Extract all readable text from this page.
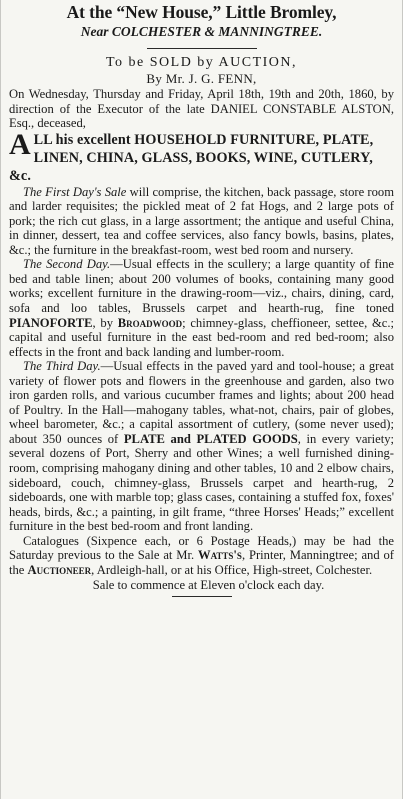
At the “New House,” Little Bromley,
Near COLCHESTER & MANNINGTREE.
To be SOLD by AUCTION,
By Mr. J. G. FENN,

On Wednesday, Thursday and Friday, April 18th, 19th and 20th, 1860, by direction of the Executor of the late DANIEL CONSTABLE ALSTON, Esq., deceased,

A LL his excellent HOUSEHOLD FURNITURE, PLATE, LINEN, CHINA, GLASS, BOOKS, WINE, CUTLERY, &c.

The First Day's Sale will comprise, the kitchen, back passage, store room and larder requisites; the pickled meat of 2 fat Hogs, and 2 large pots of pork; the rich cut glass, in a large assortment; the antique and useful China, in dinner, dessert, tea and coffee services, also fancy bowls, basins, plates, &c.; the furniture in the breakfast-room, west bed room and nursery.

The Second Day.—Usual effects in the scullery; a large quantity of fine bed and table linen; about 200 volumes of books, containing many good works; excellent furniture in the drawing-room—viz., chairs, dining, card, sofa and loo tables, Brussels carpet and hearth-rug, fine toned PIANOFORTE, by Broadwood; chimney-glass, cheffioneer, settee, &c.; capital and useful furniture in the east bed-room and red bed-room; also effects in the front and back landing and lumber-room.

The Third Day.—Usual effects in the paved yard and tool-house; a great variety of flower pots and flowers in the greenhouse and garden, also two iron garden rolls, and various cucumber frames and lights; about 200 head of Poultry. In the Hall—mahogany tables, what-not, chairs, pair of globes, wheel barometer, &c.; a capital assortment of cutlery, (some never used); about 350 ounces of PLATE and PLATED GOODS, in every variety; several dozens of Port, Sherry and other Wines; a well furnished dining-room, comprising mahogany dining and other tables, 10 and 2 elbow chairs, sideboard, couch, chimney-glass, Brussels carpet and hearth-rug, 2 sideboards, one with marble top; glass cases, containing a stuffed fox, foxes' heads, birds, &c.; a painting, in gilt frame, “three Horses' Heads;” excellent furniture in the best bed-room and front landing.

Catalogues (Sixpence each, or 6 Postage Heads,) may be had the Saturday previous to the Sale at Mr. Watts's, Printer, Manningtree; and of the Auctioneer, Ardleigh-hall, or at his Office, High-street, Colchester.

Sale to commence at Eleven o'clock each day.
